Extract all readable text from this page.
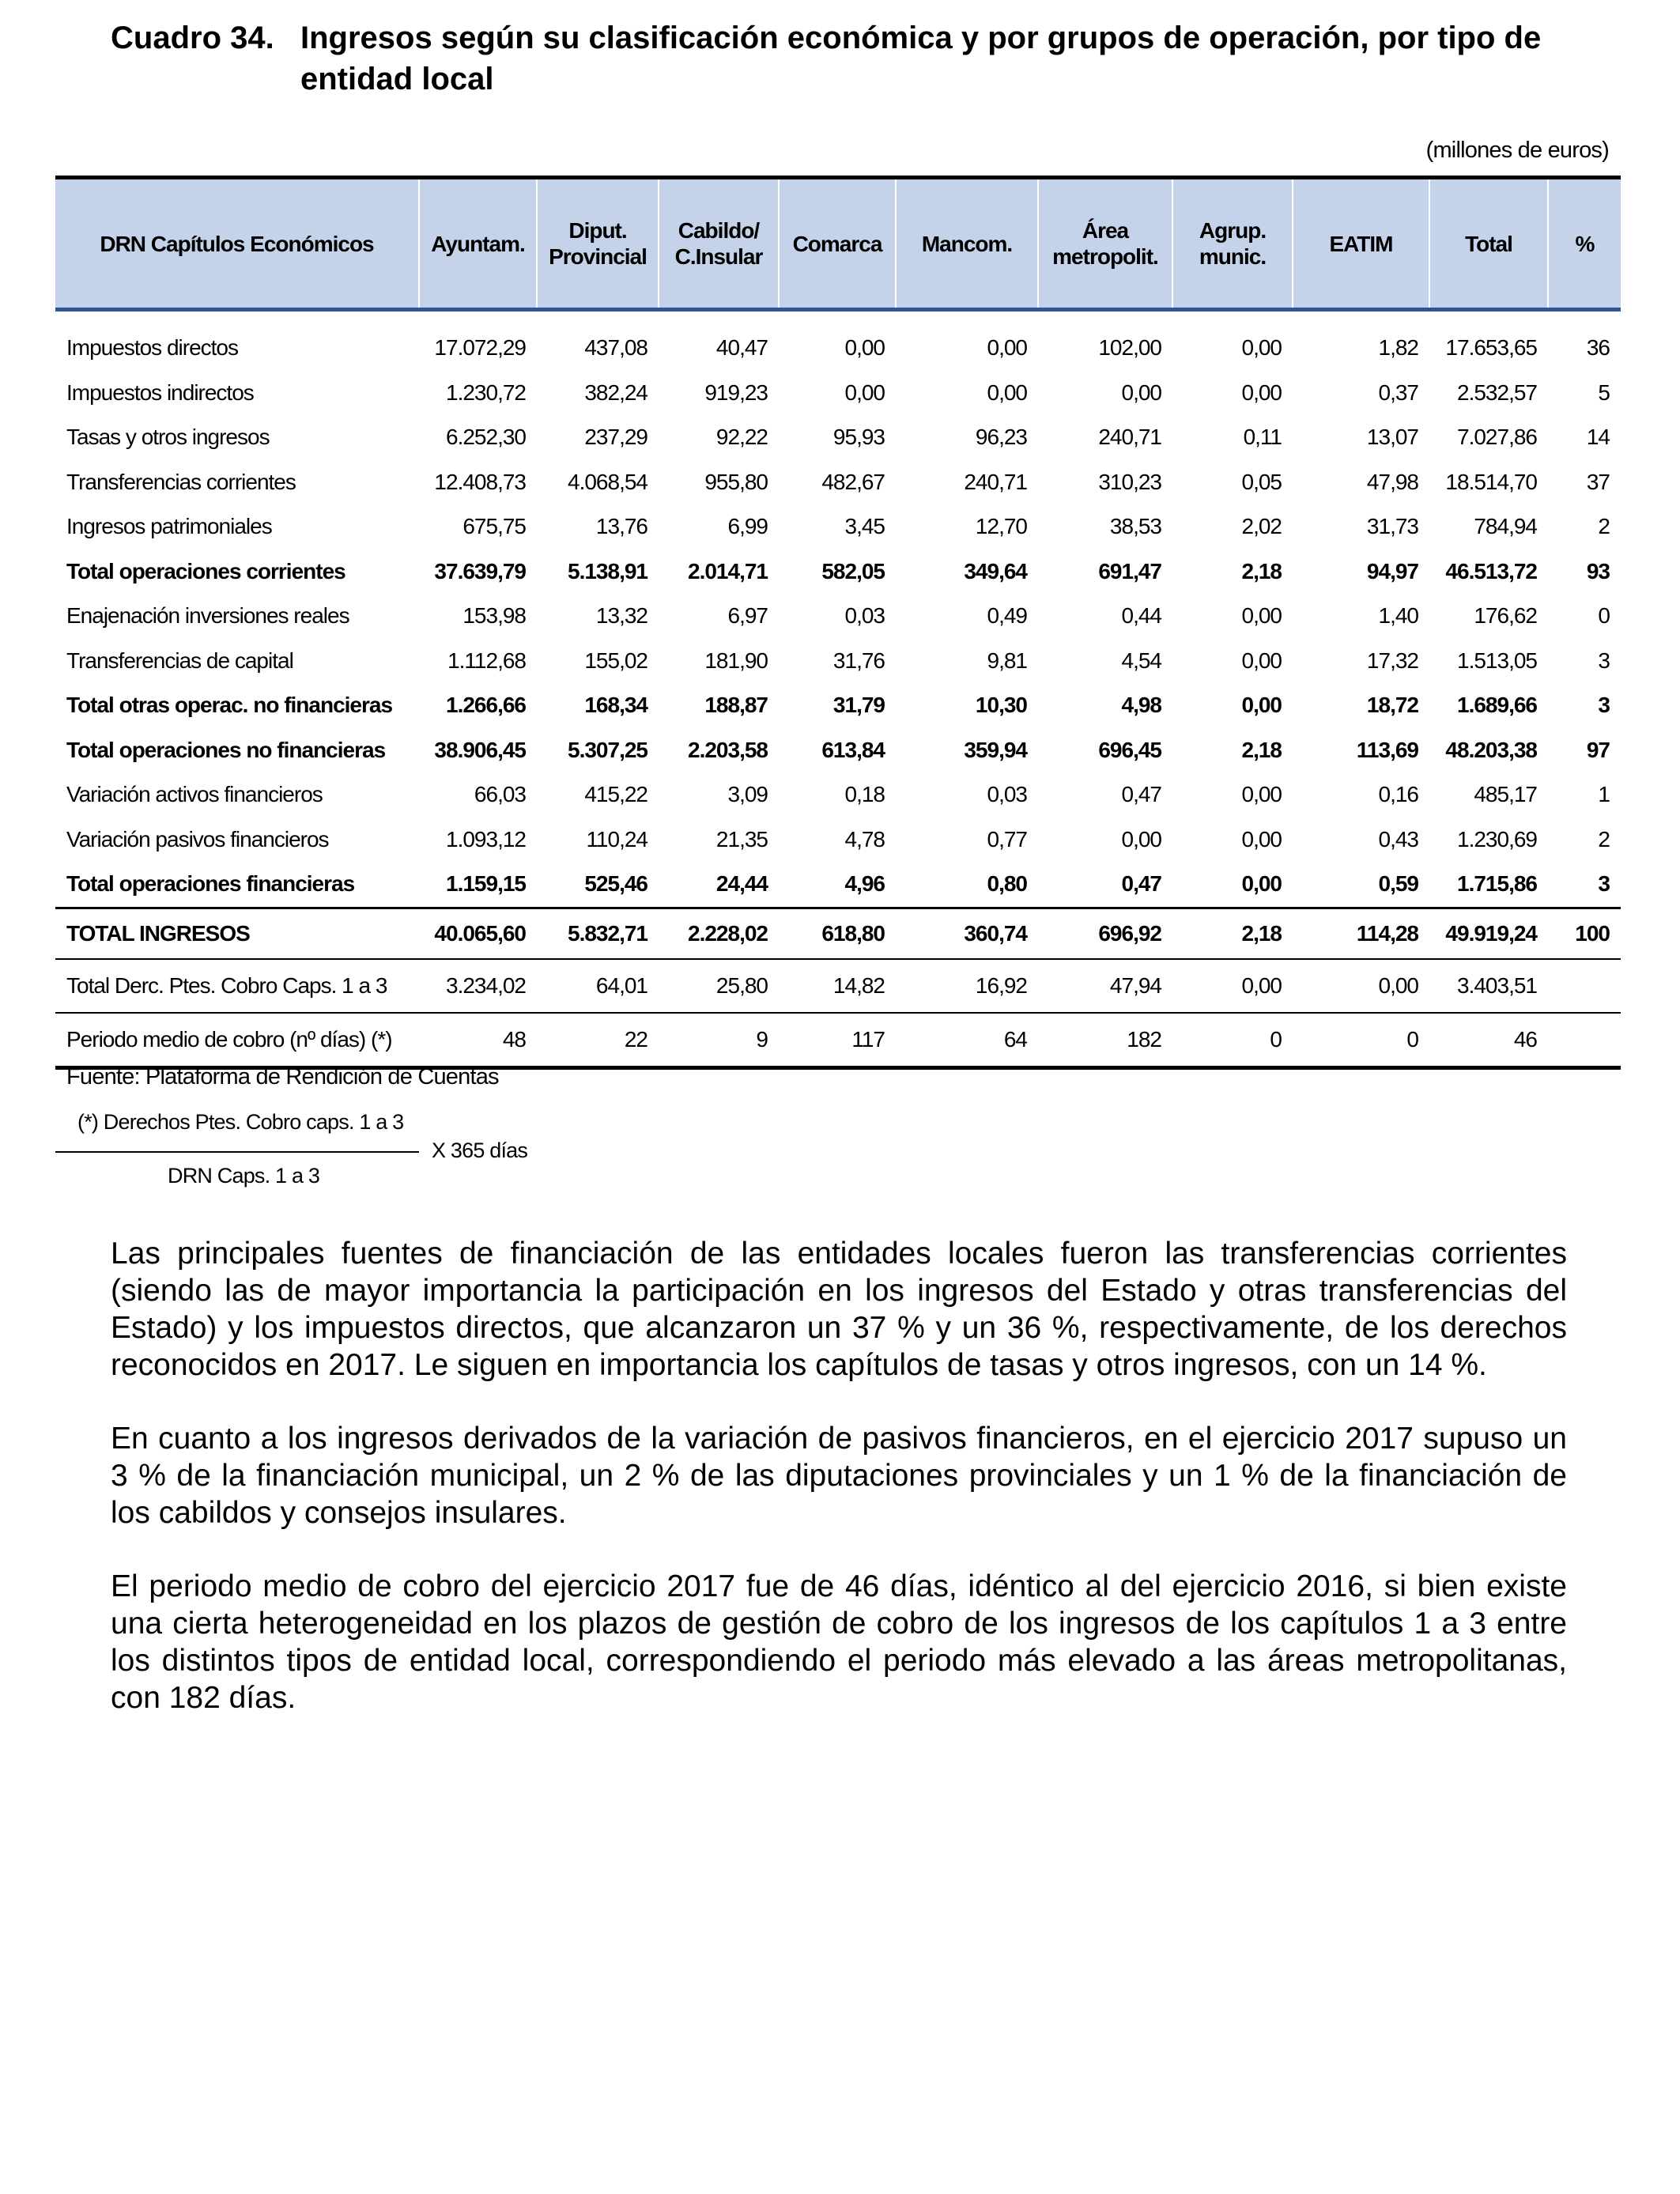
Cuadro 34. Ingresos según su clasificación económica y por grupos de operación, por tipo de entidad local
(millones de euros)
DRN Capítulos Económicos	Ayuntam.	Diput. Provincial	Cabildo/ C.Insular	Comarca	Mancom.	Área metropolit.	Agrup. munic.	EATIM	Total	%
Impuestos directos	17.072,29	437,08	40,47	0,00	0,00	102,00	0,00	1,82	17.653,65	36
Impuestos indirectos	1.230,72	382,24	919,23	0,00	0,00	0,00	0,00	0,37	2.532,57	5
Tasas y otros ingresos	6.252,30	237,29	92,22	95,93	96,23	240,71	0,11	13,07	7.027,86	14
Transferencias corrientes	12.408,73	4.068,54	955,80	482,67	240,71	310,23	0,05	47,98	18.514,70	37
Ingresos patrimoniales	675,75	13,76	6,99	3,45	12,70	38,53	2,02	31,73	784,94	2
Total operaciones corrientes	37.639,79	5.138,91	2.014,71	582,05	349,64	691,47	2,18	94,97	46.513,72	93
Enajenación inversiones reales	153,98	13,32	6,97	0,03	0,49	0,44	0,00	1,40	176,62	0
Transferencias de capital	1.112,68	155,02	181,90	31,76	9,81	4,54	0,00	17,32	1.513,05	3
Total otras operac. no financieras	1.266,66	168,34	188,87	31,79	10,30	4,98	0,00	18,72	1.689,66	3
Total operaciones no financieras	38.906,45	5.307,25	2.203,58	613,84	359,94	696,45	2,18	113,69	48.203,38	97
Variación activos financieros	66,03	415,22	3,09	0,18	0,03	0,47	0,00	0,16	485,17	1
Variación pasivos financieros	1.093,12	110,24	21,35	4,78	0,77	0,00	0,00	0,43	1.230,69	2
Total operaciones financieras	1.159,15	525,46	24,44	4,96	0,80	0,47	0,00	0,59	1.715,86	3
TOTAL INGRESOS	40.065,60	5.832,71	2.228,02	618,80	360,74	696,92	2,18	114,28	49.919,24	100
Total Derc. Ptes. Cobro Caps. 1 a 3	3.234,02	64,01	25,80	14,82	16,92	47,94	0,00	0,00	3.403,51	
Periodo medio de cobro (nº días) (*)	48	22	9	117	64	182	0	0	46	
Fuente: Plataforma de Rendición de Cuentas
(*) Derechos Ptes. Cobro caps. 1 a 3
DRN Caps. 1 a 3
X 365 días

Las principales fuentes de financiación de las entidades locales fueron las transferencias corrientes (siendo las de mayor importancia la participación en los ingresos del Estado y otras transferencias del Estado) y los impuestos directos, que alcanzaron un 37 % y un 36 %, respectivamente, de los derechos reconocidos en 2017. Le siguen en importancia los capítulos de tasas y otros ingresos, con un 14 %.

En cuanto a los ingresos derivados de la variación de pasivos financieros, en el ejercicio 2017 supuso un 3 % de la financiación municipal, un 2 % de las diputaciones provinciales y un 1 % de la financiación de los cabildos y consejos insulares.

El periodo medio de cobro del ejercicio 2017 fue de 46 días, idéntico al del ejercicio 2016, si bien existe una cierta heterogeneidad en los plazos de gestión de cobro de los ingresos de los capítulos 1 a 3 entre los distintos tipos de entidad local, correspondiendo el periodo más elevado a las áreas metropolitanas, con 182 días.
